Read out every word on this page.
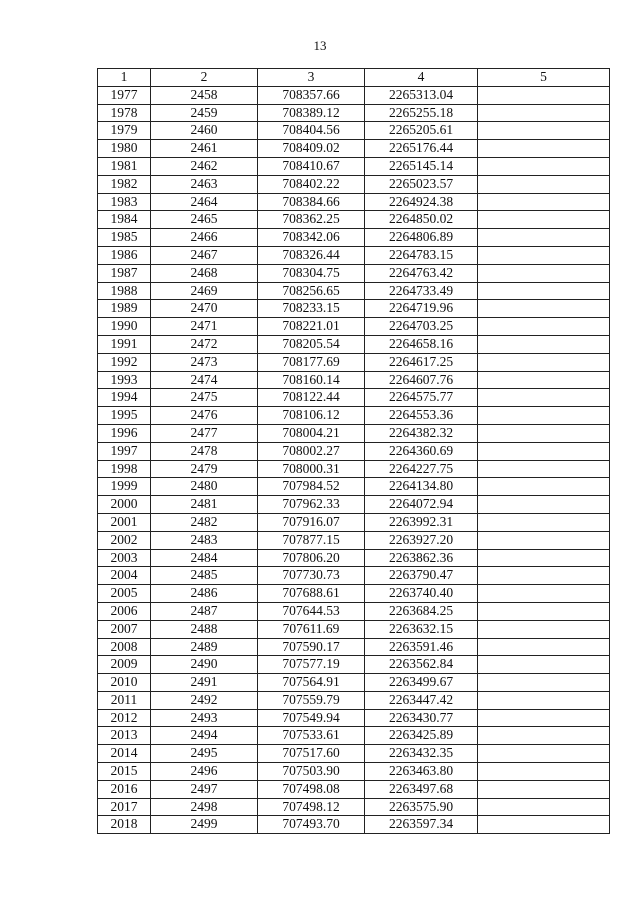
13
1	2	3	4	5
1977	2458	708357.66	2265313.04	
1978	2459	708389.12	2265255.18	
1979	2460	708404.56	2265205.61	
1980	2461	708409.02	2265176.44	
1981	2462	708410.67	2265145.14	
1982	2463	708402.22	2265023.57	
1983	2464	708384.66	2264924.38	
1984	2465	708362.25	2264850.02	
1985	2466	708342.06	2264806.89	
1986	2467	708326.44	2264783.15	
1987	2468	708304.75	2264763.42	
1988	2469	708256.65	2264733.49	
1989	2470	708233.15	2264719.96	
1990	2471	708221.01	2264703.25	
1991	2472	708205.54	2264658.16	
1992	2473	708177.69	2264617.25	
1993	2474	708160.14	2264607.76	
1994	2475	708122.44	2264575.77	
1995	2476	708106.12	2264553.36	
1996	2477	708004.21	2264382.32	
1997	2478	708002.27	2264360.69	
1998	2479	708000.31	2264227.75	
1999	2480	707984.52	2264134.80	
2000	2481	707962.33	2264072.94	
2001	2482	707916.07	2263992.31	
2002	2483	707877.15	2263927.20	
2003	2484	707806.20	2263862.36	
2004	2485	707730.73	2263790.47	
2005	2486	707688.61	2263740.40	
2006	2487	707644.53	2263684.25	
2007	2488	707611.69	2263632.15	
2008	2489	707590.17	2263591.46	
2009	2490	707577.19	2263562.84	
2010	2491	707564.91	2263499.67	
2011	2492	707559.79	2263447.42	
2012	2493	707549.94	2263430.77	
2013	2494	707533.61	2263425.89	
2014	2495	707517.60	2263432.35	
2015	2496	707503.90	2263463.80	
2016	2497	707498.08	2263497.68	
2017	2498	707498.12	2263575.90	
2018	2499	707493.70	2263597.34	
